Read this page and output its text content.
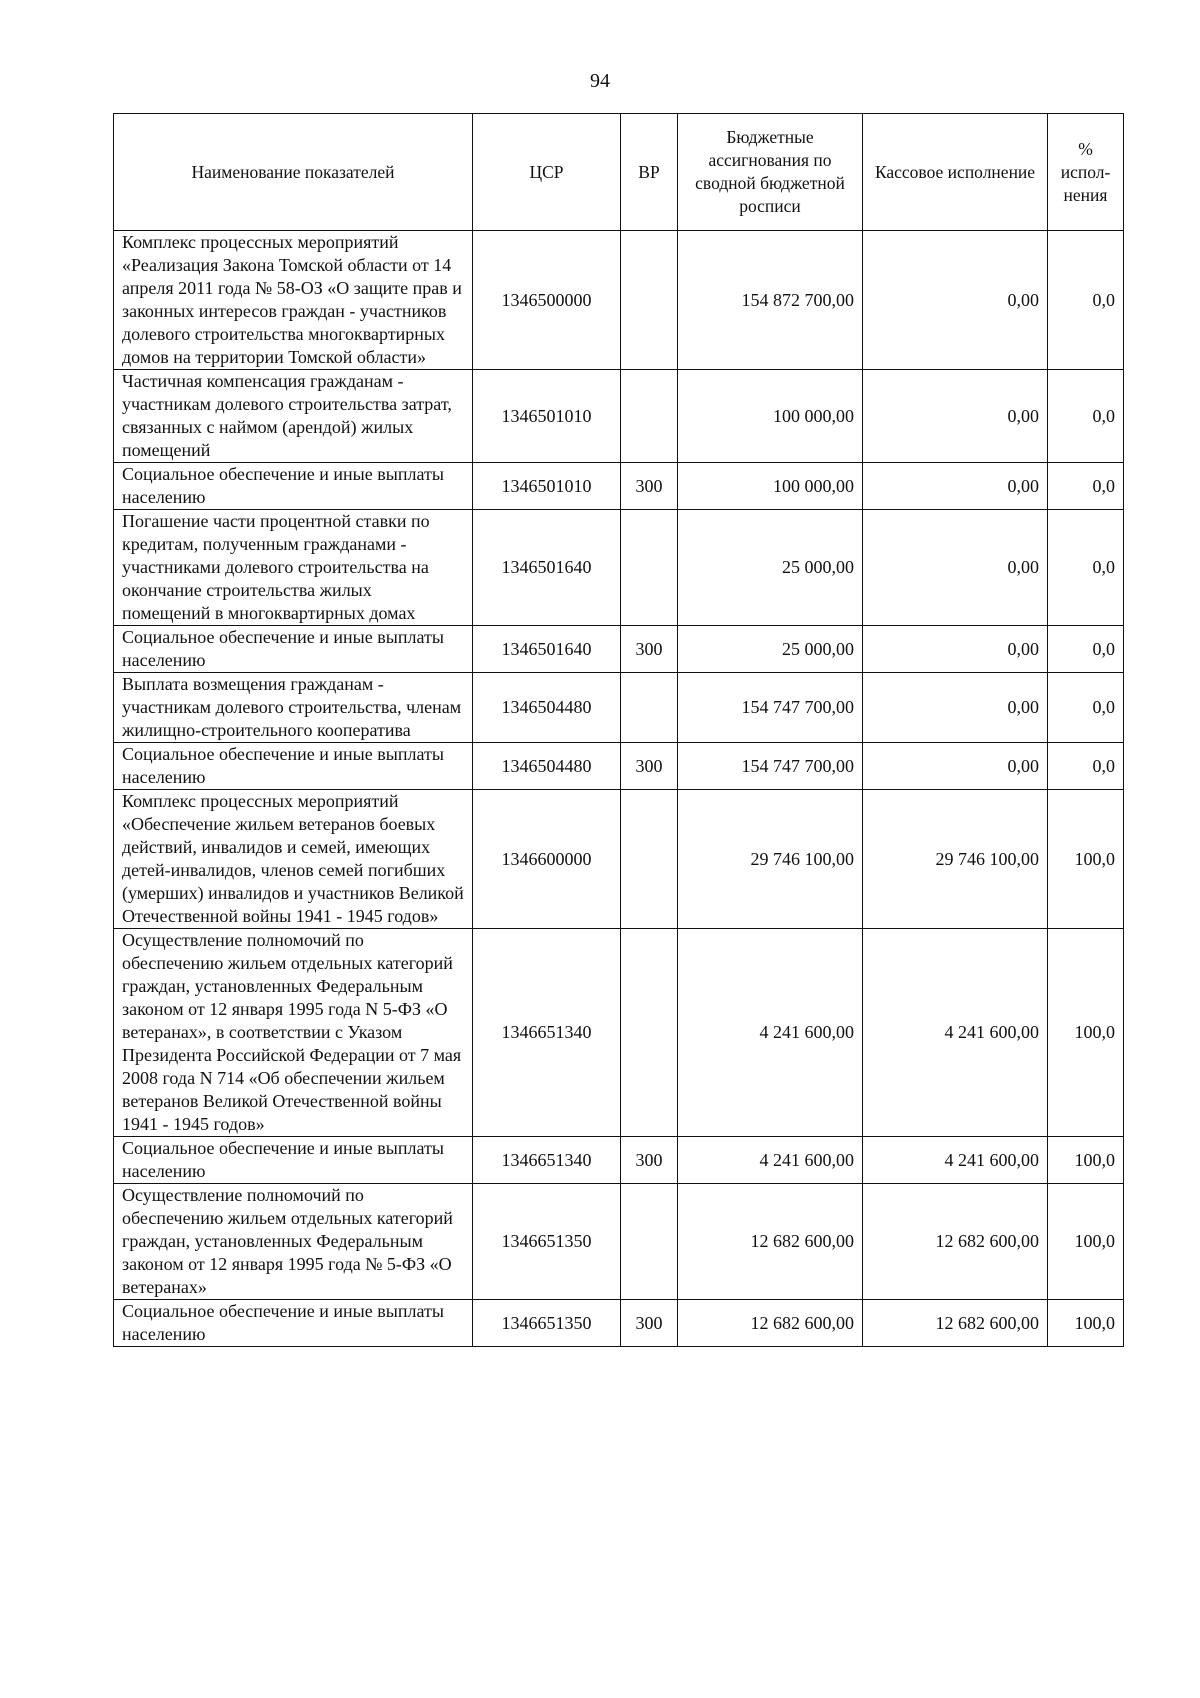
94
Наименование показателей	ЦСР	ВР	Бюджетные ассигнования по сводной бюджетной росписи	Кассовое исполнение	% испол-нения
Комплекс процессных мероприятий «Реализация Закона Томской области от 14 апреля 2011 года № 58-ОЗ «О защите прав и законных интересов граждан - участников долевого строительства многоквартирных домов на территории Томской области»	1346500000		154 872 700,00	0,00	0,0
Частичная компенсация гражданам - участникам долевого строительства затрат, связанных с наймом (арендой) жилых помещений	1346501010		100 000,00	0,00	0,0
Социальное обеспечение и иные выплаты населению	1346501010	300	100 000,00	0,00	0,0
Погашение части процентной ставки по кредитам, полученным гражданами - участниками долевого строительства на окончание строительства жилых помещений в многоквартирных домах	1346501640		25 000,00	0,00	0,0
Социальное обеспечение и иные выплаты населению	1346501640	300	25 000,00	0,00	0,0
Выплата возмещения гражданам - участникам долевого строительства, членам жилищно-строительного кооператива	1346504480		154 747 700,00	0,00	0,0
Социальное обеспечение и иные выплаты населению	1346504480	300	154 747 700,00	0,00	0,0
Комплекс процессных мероприятий «Обеспечение жильем ветеранов боевых действий, инвалидов и семей, имеющих детей-инвалидов, членов семей погибших (умерших) инвалидов и участников Великой Отечественной войны 1941 - 1945 годов»	1346600000		29 746 100,00	29 746 100,00	100,0
Осуществление полномочий по обеспечению жильем отдельных категорий граждан, установленных Федеральным законом от 12 января 1995 года N 5-ФЗ «О ветеранах», в соответствии с Указом Президента Российской Федерации от 7 мая 2008 года N 714 «Об обеспечении жильем ветеранов Великой Отечественной войны 1941 - 1945 годов»	1346651340		4 241 600,00	4 241 600,00	100,0
Социальное обеспечение и иные выплаты населению	1346651340	300	4 241 600,00	4 241 600,00	100,0
Осуществление полномочий по обеспечению жильем отдельных категорий граждан, установленных Федеральным законом от 12 января 1995 года № 5-ФЗ «О ветеранах»	1346651350		12 682 600,00	12 682 600,00	100,0
Социальное обеспечение и иные выплаты населению	1346651350	300	12 682 600,00	12 682 600,00	100,0
